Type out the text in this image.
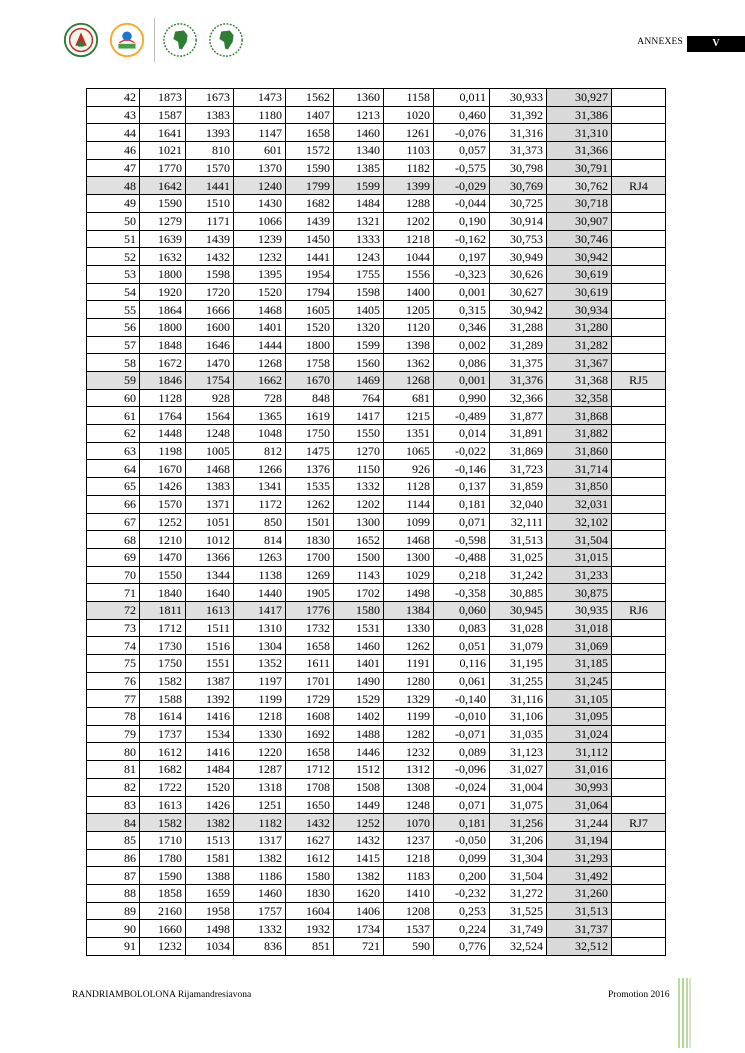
ANNEXES	V
42	1873	1673	1473	1562	1360	1158	0,011	30,933	30,927	
43	1587	1383	1180	1407	1213	1020	0,460	31,392	31,386	
44	1641	1393	1147	1658	1460	1261	-0,076	31,316	31,310	
46	1021	810	601	1572	1340	1103	0,057	31,373	31,366	
47	1770	1570	1370	1590	1385	1182	-0,575	30,798	30,791	
48	1642	1441	1240	1799	1599	1399	-0,029	30,769	30,762	RJ4
49	1590	1510	1430	1682	1484	1288	-0,044	30,725	30,718	
50	1279	1171	1066	1439	1321	1202	0,190	30,914	30,907	
51	1639	1439	1239	1450	1333	1218	-0,162	30,753	30,746	
52	1632	1432	1232	1441	1243	1044	0,197	30,949	30,942	
53	1800	1598	1395	1954	1755	1556	-0,323	30,626	30,619	
54	1920	1720	1520	1794	1598	1400	0,001	30,627	30,619	
55	1864	1666	1468	1605	1405	1205	0,315	30,942	30,934	
56	1800	1600	1401	1520	1320	1120	0,346	31,288	31,280	
57	1848	1646	1444	1800	1599	1398	0,002	31,289	31,282	
58	1672	1470	1268	1758	1560	1362	0,086	31,375	31,367	
59	1846	1754	1662	1670	1469	1268	0,001	31,376	31,368	RJ5
60	1128	928	728	848	764	681	0,990	32,366	32,358	
61	1764	1564	1365	1619	1417	1215	-0,489	31,877	31,868	
62	1448	1248	1048	1750	1550	1351	0,014	31,891	31,882	
63	1198	1005	812	1475	1270	1065	-0,022	31,869	31,860	
64	1670	1468	1266	1376	1150	926	-0,146	31,723	31,714	
65	1426	1383	1341	1535	1332	1128	0,137	31,859	31,850	
66	1570	1371	1172	1262	1202	1144	0,181	32,040	32,031	
67	1252	1051	850	1501	1300	1099	0,071	32,111	32,102	
68	1210	1012	814	1830	1652	1468	-0,598	31,513	31,504	
69	1470	1366	1263	1700	1500	1300	-0,488	31,025	31,015	
70	1550	1344	1138	1269	1143	1029	0,218	31,242	31,233	
71	1840	1640	1440	1905	1702	1498	-0,358	30,885	30,875	
72	1811	1613	1417	1776	1580	1384	0,060	30,945	30,935	RJ6
73	1712	1511	1310	1732	1531	1330	0,083	31,028	31,018	
74	1730	1516	1304	1658	1460	1262	0,051	31,079	31,069	
75	1750	1551	1352	1611	1401	1191	0,116	31,195	31,185	
76	1582	1387	1197	1701	1490	1280	0,061	31,255	31,245	
77	1588	1392	1199	1729	1529	1329	-0,140	31,116	31,105	
78	1614	1416	1218	1608	1402	1199	-0,010	31,106	31,095	
79	1737	1534	1330	1692	1488	1282	-0,071	31,035	31,024	
80	1612	1416	1220	1658	1446	1232	0,089	31,123	31,112	
81	1682	1484	1287	1712	1512	1312	-0,096	31,027	31,016	
82	1722	1520	1318	1708	1508	1308	-0,024	31,004	30,993	
83	1613	1426	1251	1650	1449	1248	0,071	31,075	31,064	
84	1582	1382	1182	1432	1252	1070	0,181	31,256	31,244	RJ7
85	1710	1513	1317	1627	1432	1237	-0,050	31,206	31,194	
86	1780	1581	1382	1612	1415	1218	0,099	31,304	31,293	
87	1590	1388	1186	1580	1382	1183	0,200	31,504	31,492	
88	1858	1659	1460	1830	1620	1410	-0,232	31,272	31,260	
89	2160	1958	1757	1604	1406	1208	0,253	31,525	31,513	
90	1660	1498	1332	1932	1734	1537	0,224	31,749	31,737	
91	1232	1034	836	851	721	590	0,776	32,524	32,512	
RANDRIAMBOLOLONA Rijamandresiavona	Promotion 2016
